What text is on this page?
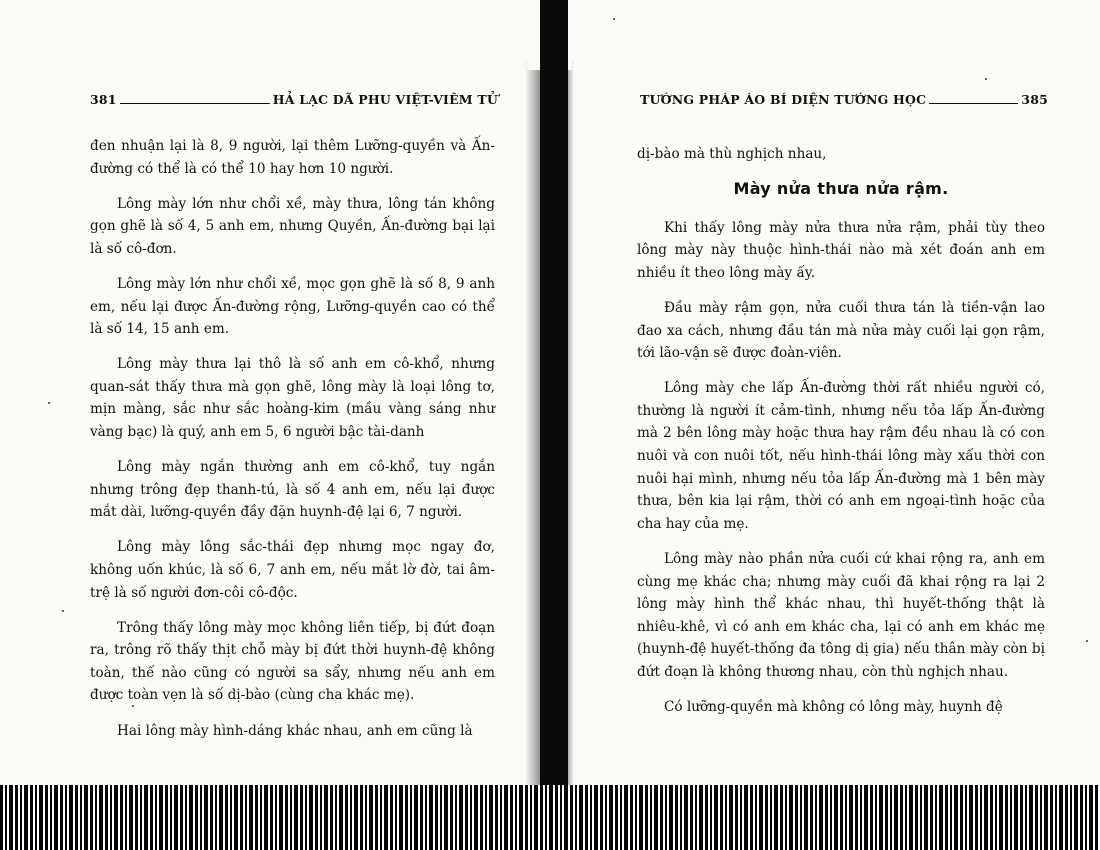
381	HẢ LẠC DÃ PHU VIỆT-VIÊM TỬ

đen nhuận lại là 8, 9 người, lại thêm Lưỡng-quyền và Ấn-đường có thể là có thể 10 hay hơn 10 người.

Lông mày lớn như chổi xề, mày thưa, lông tán không gọn ghẽ là số 4, 5 anh em, nhưng Quyền, Ấn-đường bại lại là số cô-đơn.

Lông mày lớn như chổi xề, mọc gọn ghẽ là số 8, 9 anh em, nếu lại được Ấn-đường rộng, Lưỡng-quyền cao có thể là số 14, 15 anh em.

Lông mày thưa lại thô là số anh em cô-khổ, nhưng quan-sát thấy thưa mà gọn ghẽ, lông mày là loại lông tơ, mịn màng, sắc như sắc hoàng-kim (mầu vàng sáng như vàng bạc) là quý, anh em 5, 6 người bậc tài-danh

Lông mày ngắn thường anh em cô-khổ, tuy ngắn nhưng trông đẹp thanh-tú, là số 4 anh em, nếu lại được mắt dài, lưỡng-quyền đầy đặn huynh-đệ lại 6, 7 người.

Lông mày lông sắc-thái đẹp nhưng mọc ngay đơ, không uốn khúc, là số 6, 7 anh em, nếu mắt lờ đờ, tai âm-trệ là số người đơn-côi cô-độc.

Trông thấy lông mày mọc không liên tiếp, bị đứt đoạn ra, trông rõ thấy thịt chỗ mày bị đứt thời huynh-đệ không toàn, thế nào cũng có người sa sẩy, nhưng nếu anh em được toàn vẹn là số dị-bào (cùng cha khác mẹ).

Hai lông mày hình-dáng khác nhau, anh em cũng là

TƯỚNG PHÁP ÁO BÍ DIỆN TƯỚNG HỌC	385

dị-bào mà thù nghịch nhau,

Mày nửa thưa nửa rậm.

Khi thấy lông mày nửa thưa nửa rậm, phải tùy theo lông mày này thuộc hình-thái nào mà xét đoán anh em nhiều ít theo lông mày ấy.

Đầu mày rậm gọn, nửa cuối thưa tán là tiền-vận lao đao xa cách, nhưng đầu tán mà nửa mày cuối lại gọn rậm, tới lão-vận sẽ được đoàn-viên.

Lông mày che lấp Ấn-đường thời rất nhiều người có, thường là người ít cảm-tình, nhưng nếu tỏa lấp Ấn-đường mà 2 bên lông mày hoặc thưa hay rậm đều nhau là có con nuôi và con nuôi tốt, nếu hình-thái lông mày xấu thời con nuôi hại mình, nhưng nếu tỏa lấp Ấn-đường mà 1 bên mày thưa, bên kia lại rậm, thời có anh em ngoại-tình hoặc của cha hay của mẹ.

Lông mày nào phần nửa cuối cứ khai rộng ra, anh em cùng mẹ khác cha; nhưng mày cuối đã khai rộng ra lại 2 lông mày hình thể khác nhau, thì huyết-thống thật là nhiêu-khê, vì có anh em khác cha, lại có anh em khác mẹ (huynh-đệ huyết-thống đa tông dị gia) nếu thân mày còn bị đứt đoạn là không thương nhau, còn thù nghịch nhau.

Có lưỡng-quyền mà không có lông mày, huynh đệ
